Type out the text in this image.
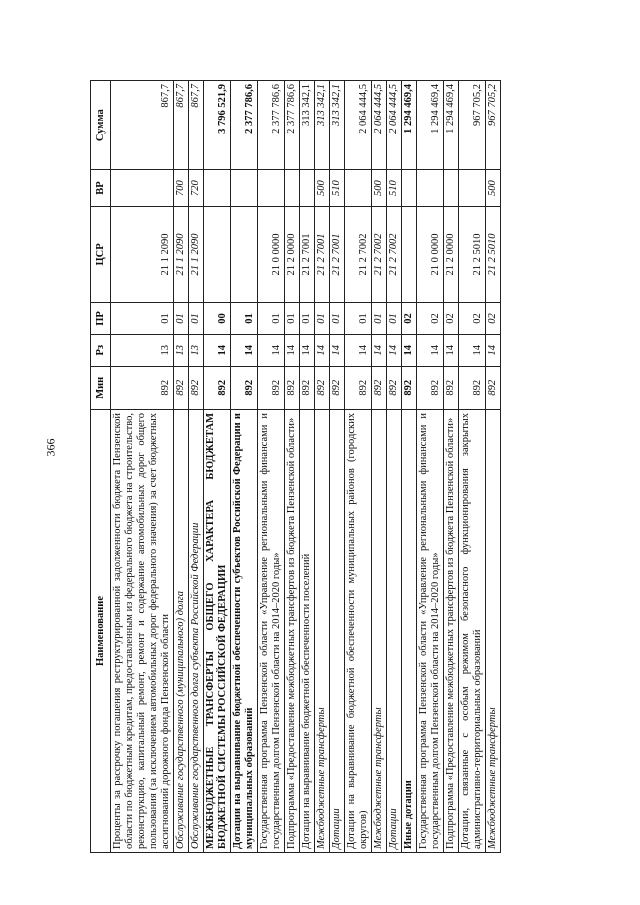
366
Наименование	Мин	Рз	ПР	ЦСР	ВР	Сумма
Проценты за рассрочку погашения реструктурированной задолженности бюджета Пензенской области по бюджетным кредитам, предоставленным из федерального бюджета на строительство, реконструкцию, капитальный ремонт, ремонт и содержание автомобильных дорог общего пользования (за исключением автомобильных дорог федерального значения) за счет бюджетных ассигнований дорожного фонда Пензенской области	892	13	01	21 1 2090		867,7
Обслуживание государственного (муниципального) долга	892	13	01	21 1 2090	700	867,7
Обслуживание государственного долга субъекта Российской Федерации	892	13	01	21 1 2090	720	867,7
МЕЖБЮДЖЕТНЫЕ ТРАНСФЕРТЫ ОБЩЕГО ХАРАКТЕРА БЮДЖЕТАМ БЮДЖЕТНОЙ СИСТЕМЫ РОССИЙСКОЙ ФЕДЕРАЦИИ	892	14	00			3 796 521,9
Дотации на выравнивание бюджетной обеспеченности субъектов Российской Федерации и муниципальных образований	892	14	01			2 377 786,6
Государственная программа Пензенской области «Управление региональными финансами и государственным долгом Пензенской области на 2014–2020 годы»	892	14	01	21 0 0000		2 377 786,6
Подпрограмма «Предоставление межбюджетных трансфертов из бюджета Пензенской области»	892	14	01	21 2 0000		2 377 786,6
Дотации на выравнивание бюджетной обеспеченности поселений	892	14	01	21 2 7001		313 342,1
Межбюджетные трансферты	892	14	01	21 2 7001	500	313 342,1
Дотации	892	14	01	21 2 7001	510	313 342,1
Дотации на выравнивание бюджетной обеспеченности муниципальных районов (городских округов)	892	14	01	21 2 7002		2 064 444,5
Межбюджетные трансферты	892	14	01	21 2 7002	500	2 064 444,5
Дотации	892	14	01	21 2 7002	510	2 064 444,5
Иные дотации	892	14	02			1 294 469,4
Государственная программа Пензенской области «Управление региональными финансами и государственным долгом Пензенской области на 2014–2020 годы»	892	14	02	21 0 0000		1 294 469,4
Подпрограмма «Предоставление межбюджетных трансфертов из бюджета Пензенской области»	892	14	02	21 2 0000		1 294 469,4
Дотации, связанные с особым режимом безопасного функционирования закрытых административно-территориальных образований	892	14	02	21 2 5010		967 705,2
Межбюджетные трансферты	892	14	02	21 2 5010	500	967 705,2
